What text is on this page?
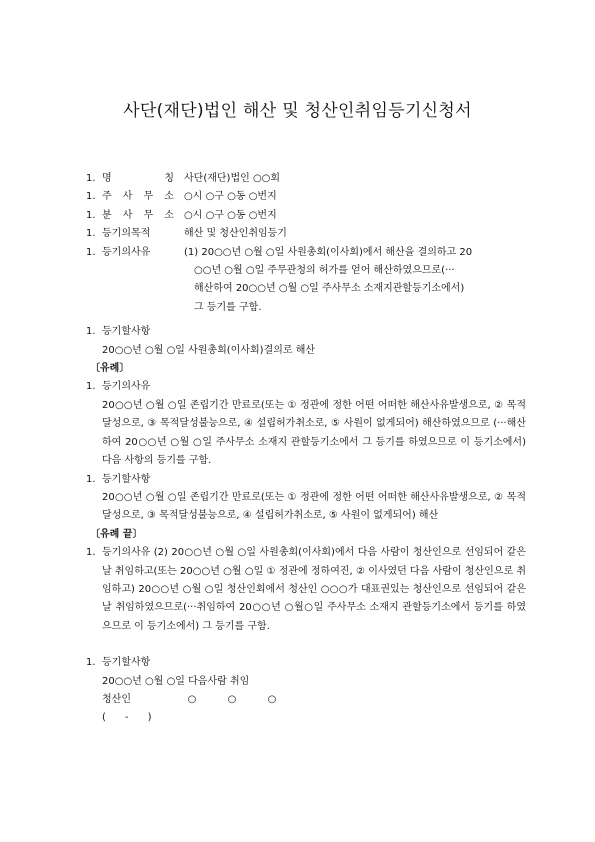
사단(재단)법인 해산 및 청산인취임등기신청서
1. 명	칭 사단(재단)법인 ○○회
1. 주 사 무 소 ○시 ○구 ○동 ○번지
1. 분 사 무 소 ○시 ○구 ○동 ○번지
1. 등기의목적	해산 및 청산인취임등기
1. 등기의사유	(1) 20○○년 ○월 ○일 사원총회(이사회)에서 해산을 결의하고 20
○○년 ○월 ○일 주무관청의 허가를 얻어 해산하였으므로(···
해산하여 20○○년 ○월 ○일 주사무소 소재지관할등기소에서)
그 등기를 구함.
1. 등기할사항
20○○년 ○월 ○일 사원총회(이사회)결의로 해산
〔유례〕
1. 등기의사유
20○○년 ○월 ○일 존립기간 만료로(또는 ① 정관에 정한 어떤 어떠한 해산사유발생으로, ② 목적달성으로, ③ 목적달성불능으로, ④ 설립허가취소로, ⑤ 사원이 없게되어) 해산하였으므로 (···해산하여 20○○년 ○월 ○일 주사무소 소재지 관할등기소에서 그 등기를 하였으므로 이 등기소에서)다음 사항의 등기를 구함.
1. 등기할사항
20○○년 ○월 ○일 존립기간 만료로(또는 ① 정관에 정한 어떤 어떠한 해산사유발생으로, ② 목적달성으로, ③ 목적달성불능으로, ④ 설립허가취소로, ⑤ 사원이 없게되어) 해산
〔유례 끝〕
1. 등기의사유 (2) 20○○년 ○월 ○일 사원총회(이사회)에서 다음 사람이 청산인으로 선임되어 같은 날 취임하고(또는 20○○년 ○월 ○일 ① 정관에 정하여진, ② 이사였던 다음 사람이 청산인으로 취임하고) 20○○년 ○월 ○일 청산인회에서 청산인 ○○○가 대표권있는 청산인으로 선임되어 같은 날 취임하였으므로(···취임하여 20○○년 ○월○일 주사무소 소재지 관할등기소에서 등기를 하였으므로 이 등기소에서) 그 등기를 구함.
1. 등기할사항
20○○년 ○월 ○일 다음사람 취임
청산인	○	○	○
(      -      )
